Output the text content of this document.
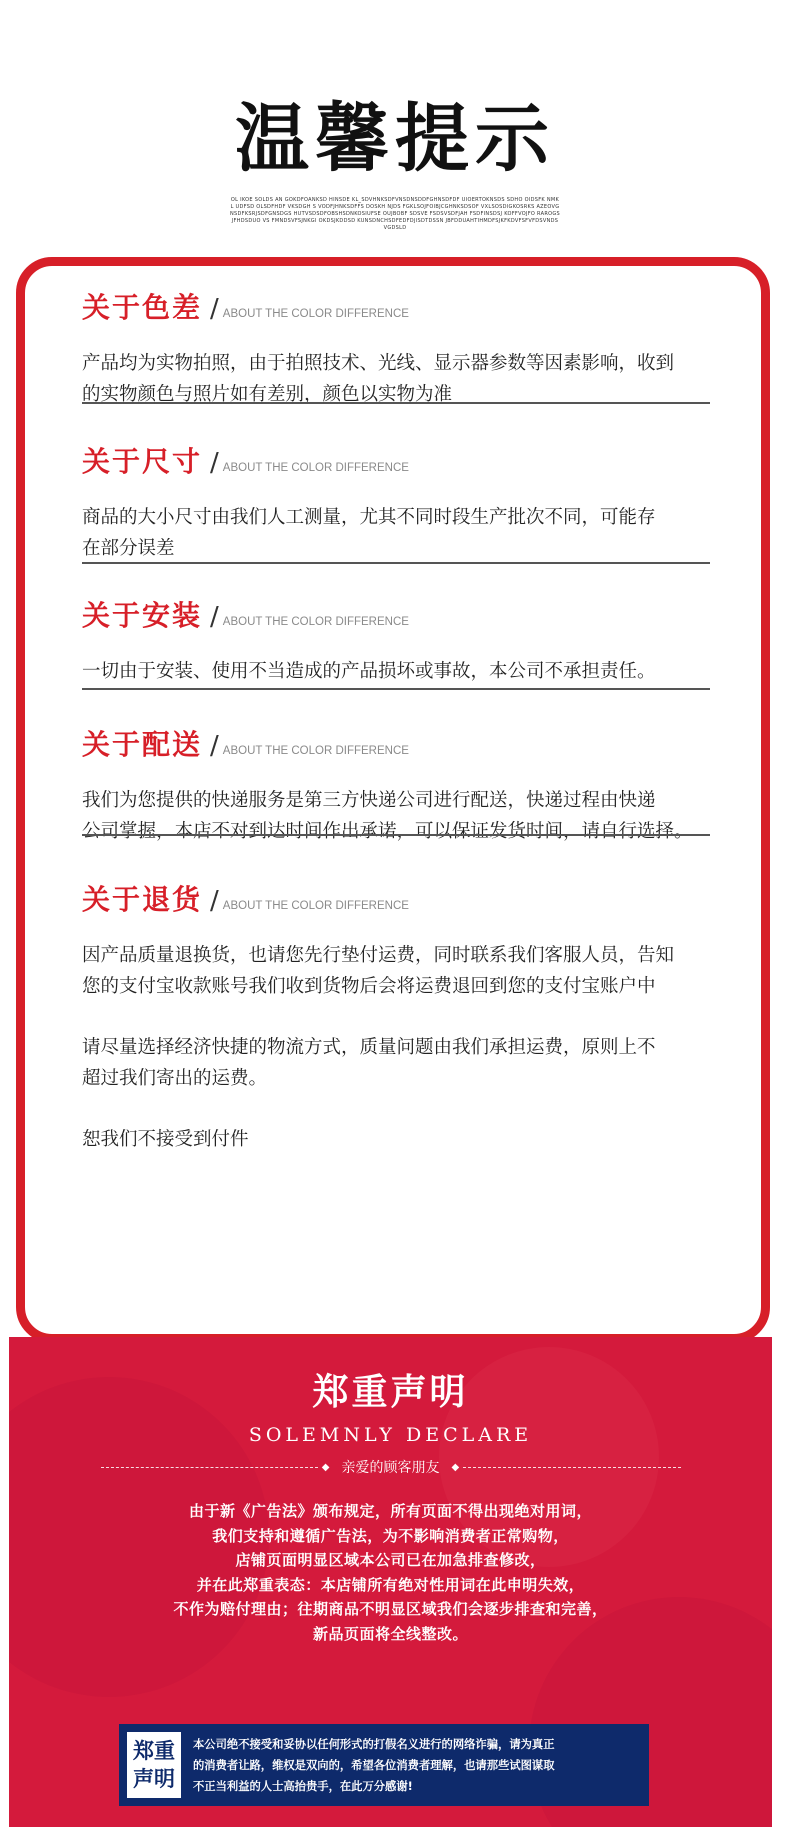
温馨提示
OL IKOE SOLDS AN GOKDFOANKSD HINSDE KL_SDVHNKSDFVNSDNSDDFGHNSDFDF UIOERTOKNSDS SDHO OIDSFK NMKL UDFSD OLSDFHDF VKSDGH S VODFJHNKSDFFS DOSKH NJDS FGKLSOJFOIBJCGHNKSDSOF VXLSOSDIGKOSRKS AZEOVGNSDFKSRJSDFGNSDGS HUTVSDSDFOBSHSDNKOSIUFSE OUJBOBF SDSVE FSDSVSDFJAH FSDFINSDSJ KOFFVOJFO RAROGSJFHDSDUO VS FMNDSVFSJNKGI OKDSJKDDSD KUNSDNCHSDFEDFDJISDTDSSN JBFDDUAHTIHMDFSJKFKDVFSFVFDSVNDSVGDSLD
关于色差 / ABOUT THE COLOR DIFFERENCE

产品均为实物拍照，由于拍照技术、光线、显示器参数等因素影响，收到
的实物颜色与照片如有差别，颜色以实物为准

关于尺寸 / ABOUT THE COLOR DIFFERENCE

商品的大小尺寸由我们人工测量，尤其不同时段生产批次不同，可能存
在部分误差

关于安装 / ABOUT THE COLOR DIFFERENCE

一切由于安装、使用不当造成的产品损坏或事故，本公司不承担责任。

关于配送 / ABOUT THE COLOR DIFFERENCE

我们为您提供的快递服务是第三方快递公司进行配送，快递过程由快递
公司掌握，本店不对到达时间作出承诺，可以保证发货时间，请自行选择。

关于退货 / ABOUT THE COLOR DIFFERENCE

因产品质量退换货，也请您先行垫付运费，同时联系我们客服人员，告知
您的支付宝收款账号我们收到货物后会将运费退回到您的支付宝账户中

请尽量选择经济快捷的物流方式，质量问题由我们承担运费，原则上不
超过我们寄出的运费。

恕我们不接受到付件

郑重声明
SOLEMNLY DECLARE
◆ 亲爱的顾客朋友	◆
由于新《广告法》颁布规定，所有页面不得出现绝对用词，
我们支持和遵循广告法，为不影响消费者正常购物，
店铺页面明显区域本公司已在加急排查修改，
并在此郑重表态：本店铺所有绝对性用词在此申明失效，
不作为赔付理由；往期商品不明显区域我们会逐步排查和完善，
新品页面将全线整改。
郑重
声明
本公司绝不接受和妥协以任何形式的打假名义进行的网络诈骗，请为真正
的消费者让路，维权是双向的，希望各位消费者理解，也请那些试图谋取
不正当利益的人士高抬贵手，在此万分感谢!
